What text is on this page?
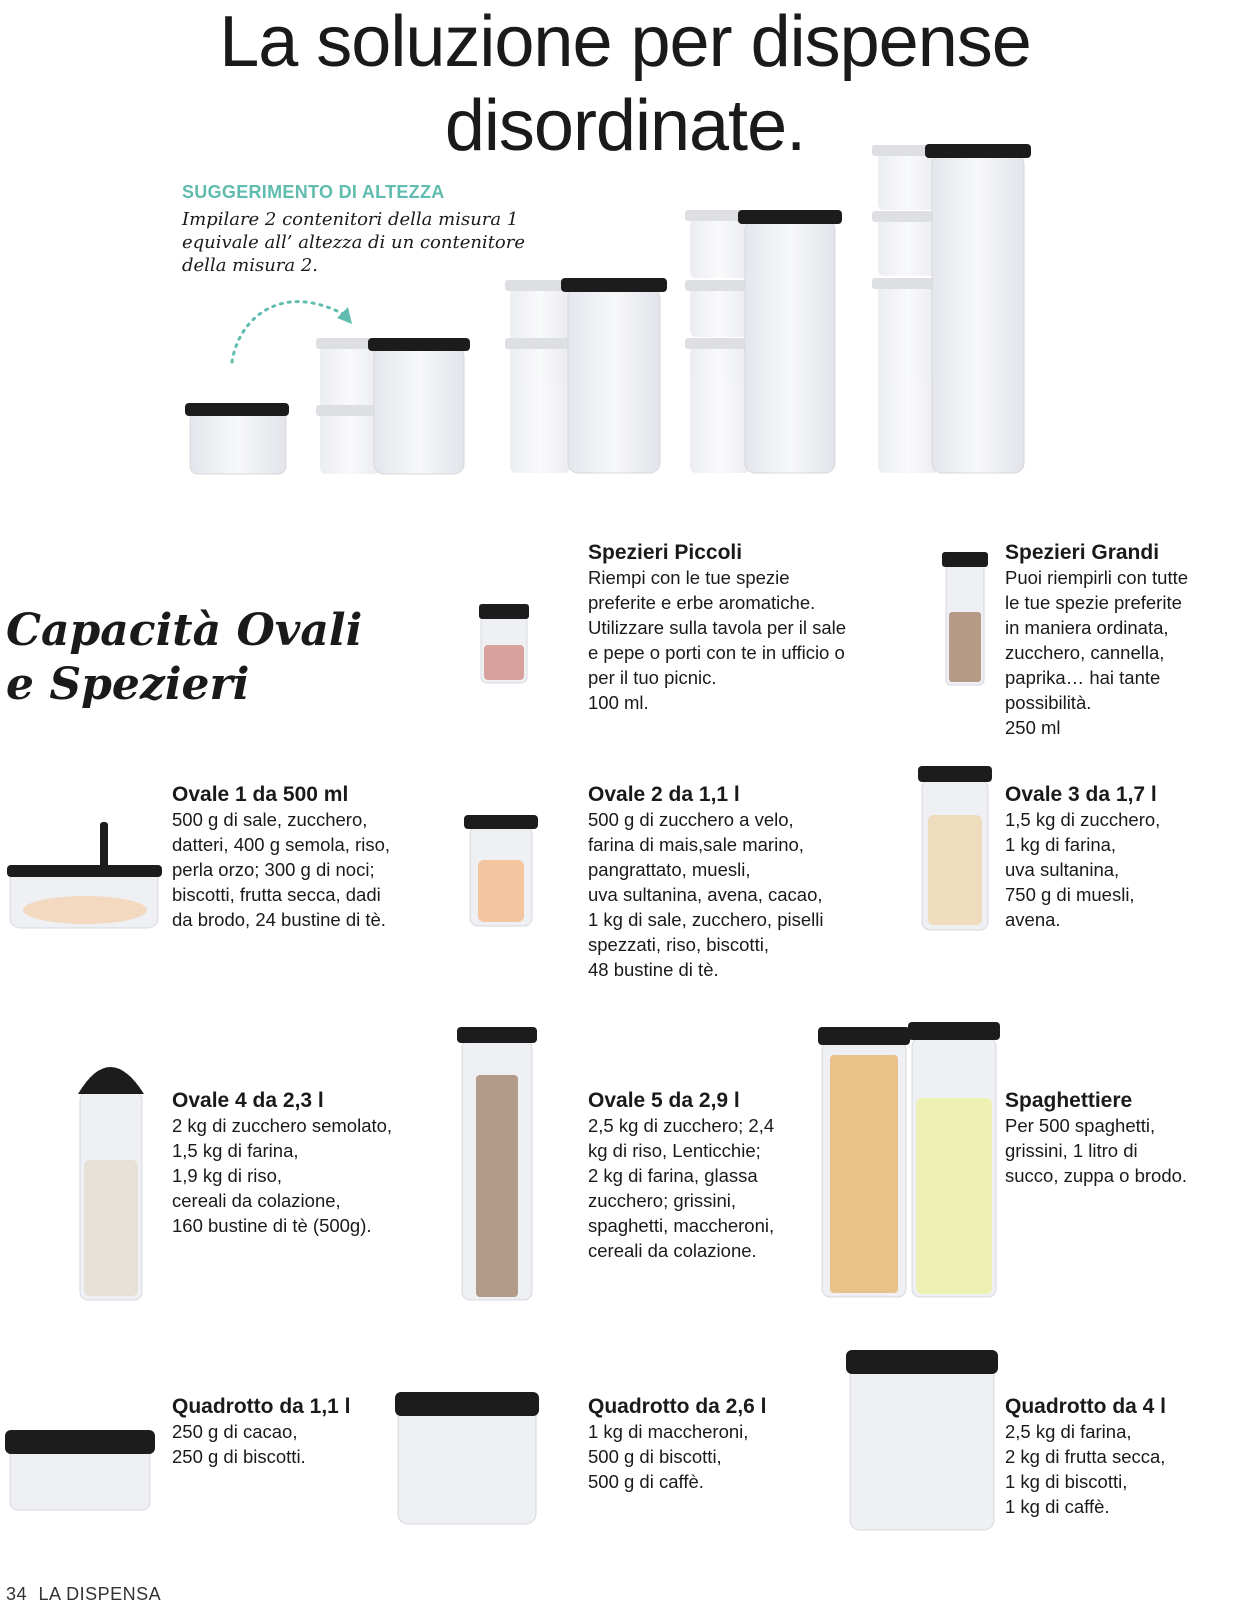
La soluzione per dispense
disordinate.
SUGGERIMENTO DI ALTEZZA
Impilare 2 contenitori della misura 1 equivale all’ altezza di un contenitore della misura 2.
Capacità Ovali
e Spezieri

Spezieri Piccoli

Riempi con le tue spezie
preferite e erbe aromatiche.
Utilizzare sulla tavola per il sale
e pepe o porti con te in ufficio o
per il tuo picnic.
100 ml.

Spezieri Grandi

Puoi riempirli con tutte
le tue spezie preferite
in maniera ordinata,
zucchero, cannella,
paprika… hai tante
possibilità.
250 ml

Ovale 1 da 500 ml

500 g di sale, zucchero,
datteri, 400 g semola, riso,
perla orzo; 300 g di noci;
biscotti, frutta secca, dadi
da brodo, 24 bustine di tè.

Ovale 2 da 1,1 l

500 g di zucchero a velo,
farina di mais,sale marino,
pangrattato, muesli,
uva sultanina, avena, cacao,
1 kg di sale, zucchero, piselli
spezzati, riso, biscotti,
48 bustine di tè.

Ovale 3 da 1,7 l

1,5 kg di zucchero,
1 kg di farina,
uva sultanina,
750 g di muesli,
avena.

Ovale 4 da 2,3 l

2 kg di zucchero semolato,
1,5 kg di farina,
1,9 kg di riso,
cereali da colazione,
160 bustine di tè (500g).

Ovale 5 da 2,9 l

2,5 kg di zucchero; 2,4
kg di riso, Lenticchie;
2 kg di farina, glassa
zucchero; grissini,
spaghetti, maccheroni,
cereali da colazione.

Spaghettiere

Per 500 spaghetti,
grissini, 1 litro di
succo, zuppa o brodo.

Quadrotto da 1,1 l

250 g di cacao,
250 g di biscotti.

Quadrotto da 2,6 l

1 kg di maccheroni,
500 g di biscotti,
500 g di caffè.

Quadrotto da 4 l

2,5 kg di farina,
2 kg di frutta secca,
1 kg di biscotti,
1 kg di caffè.

34 LA DISPENSA
